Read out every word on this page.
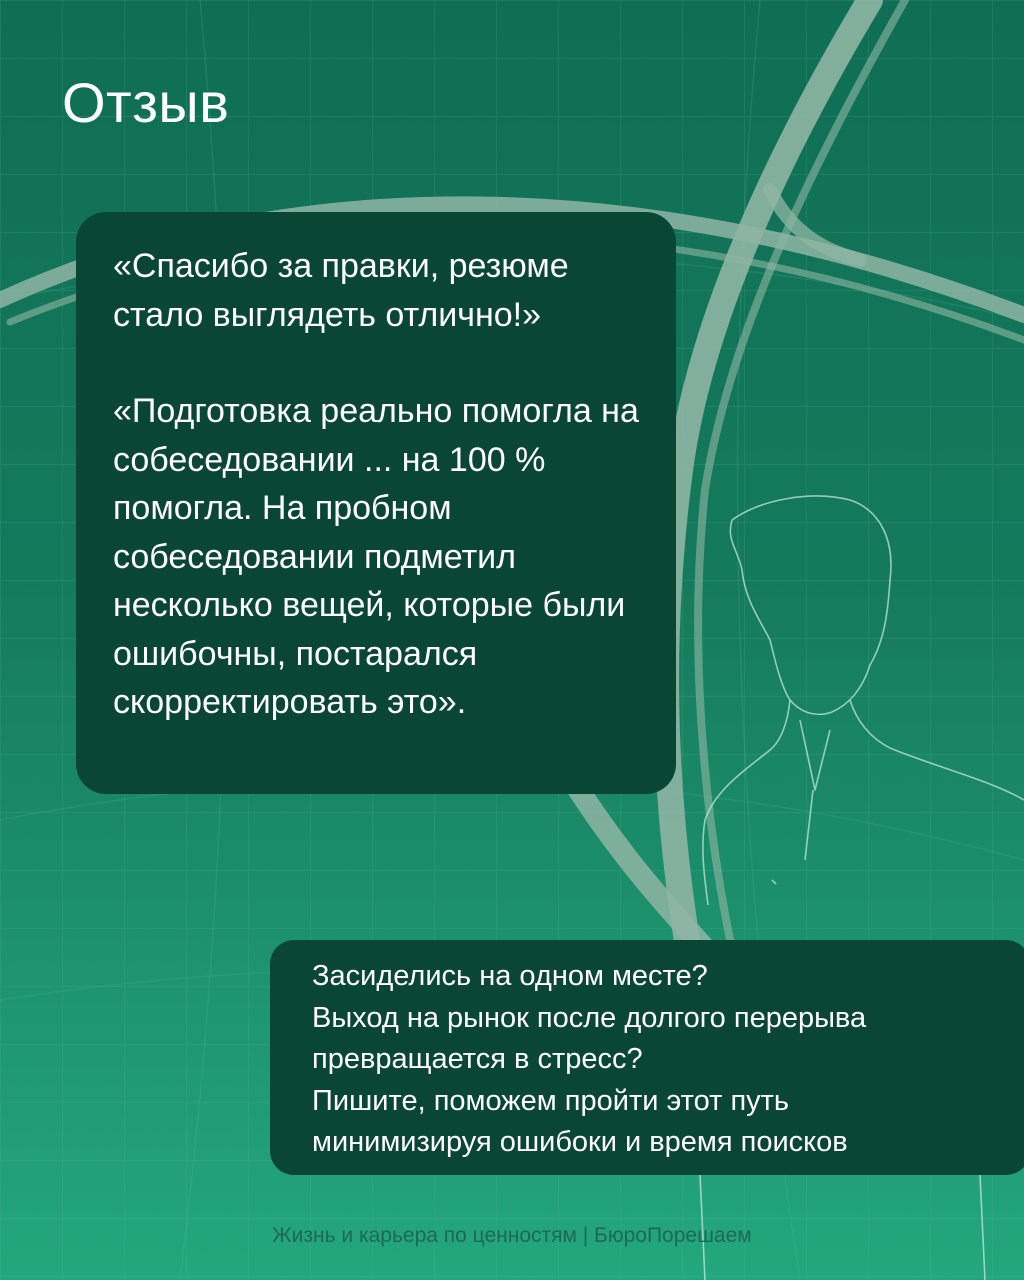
Отзыв

«Спасибо за правки, резюме стало выглядеть отлично!»

«Подготовка реально помогла на собеседовании ... на 100 % помогла. На пробном собеседовании подметил несколько вещей, которые были ошибочны, постарался скорректировать это».

Засиделись на одном месте?
Выход на рынок после долгого перерыва
превращается в стресс?
Пишите, поможем пройти этот путь
минимизируя ошибоки и время поисков
Жизнь и карьера по ценностям | БюроПорешаем
